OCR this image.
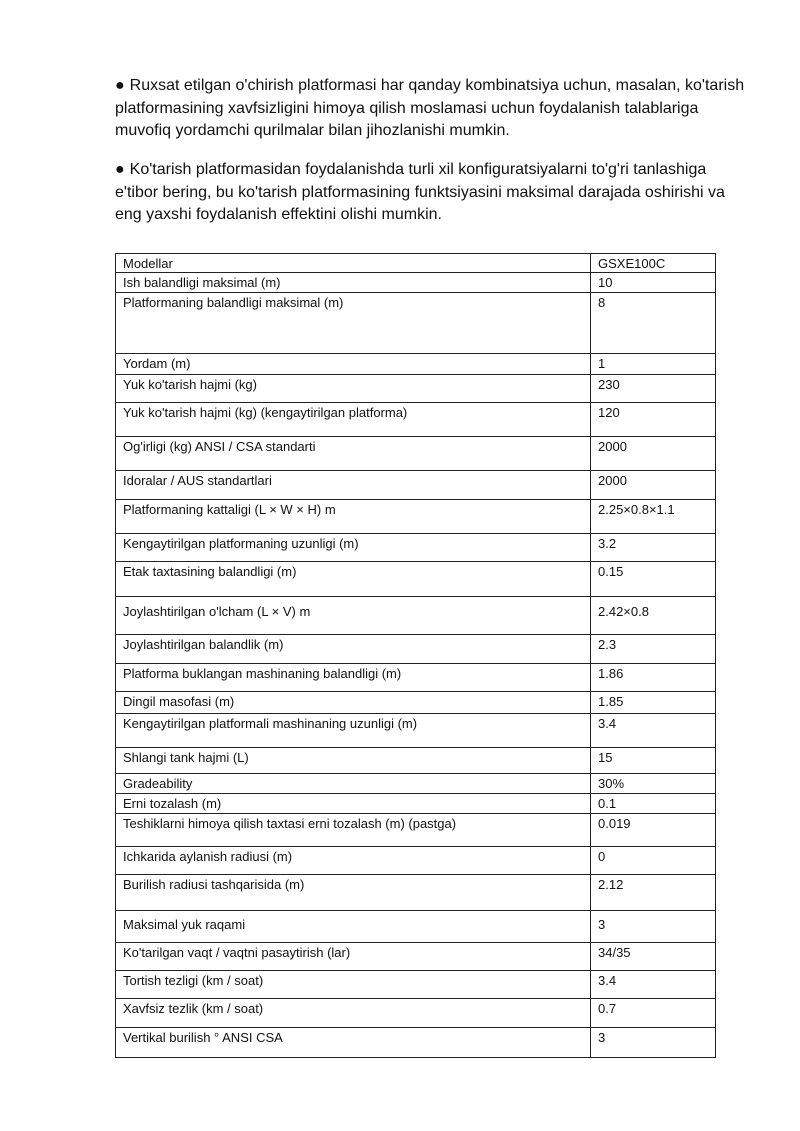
● Ruxsat etilgan o'chirish platformasi har qanday kombinatsiya uchun, masalan, ko'tarish platformasining xavfsizligini himoya qilish moslamasi uchun foydalanish talablariga muvofiq yordamchi qurilmalar bilan jihozlanishi mumkin.
● Ko'tarish platformasidan foydalanishda turli xil konfiguratsiyalarni to'g'ri tanlashiga e'tibor bering, bu ko'tarish platformasining funktsiyasini maksimal darajada oshirishi va eng yaxshi foydalanish effektini olishi mumkin.
Modellar	GSXE100C
Ish balandligi maksimal (m)	10
Platformaning balandligi maksimal (m)	8
Yordam (m)	1
Yuk ko'tarish hajmi (kg)	230
Yuk ko'tarish hajmi (kg) (kengaytirilgan platforma)	120
Og'irligi (kg) ANSI / CSA standarti	2000
Idoralar / AUS standartlari	2000
Platformaning kattaligi (L × W × H) m	2.25×0.8×1.1
Kengaytirilgan platformaning uzunligi (m)	3.2
Etak taxtasining balandligi (m)	0.15
Joylashtirilgan o'lcham (L × V) m	2.42×0.8
Joylashtirilgan balandlik (m)	2.3
Platforma buklangan mashinaning balandligi (m)	1.86
Dingil masofasi (m)	1.85
Kengaytirilgan platformali mashinaning uzunligi (m)	3.4
Shlangi tank hajmi (L)	15
Gradeability	30%
Erni tozalash (m)	0.1
Teshiklarni himoya qilish taxtasi erni tozalash (m) (pastga)	0.019
Ichkarida aylanish radiusi (m)	0
Burilish radiusi tashqarisida (m)	2.12
Maksimal yuk raqami	3
Ko'tarilgan vaqt / vaqtni pasaytirish (lar)	34/35
Tortish tezligi (km / soat)	3.4
Xavfsiz tezlik (km / soat)	0.7
Vertikal burilish ° ANSI CSA	3
